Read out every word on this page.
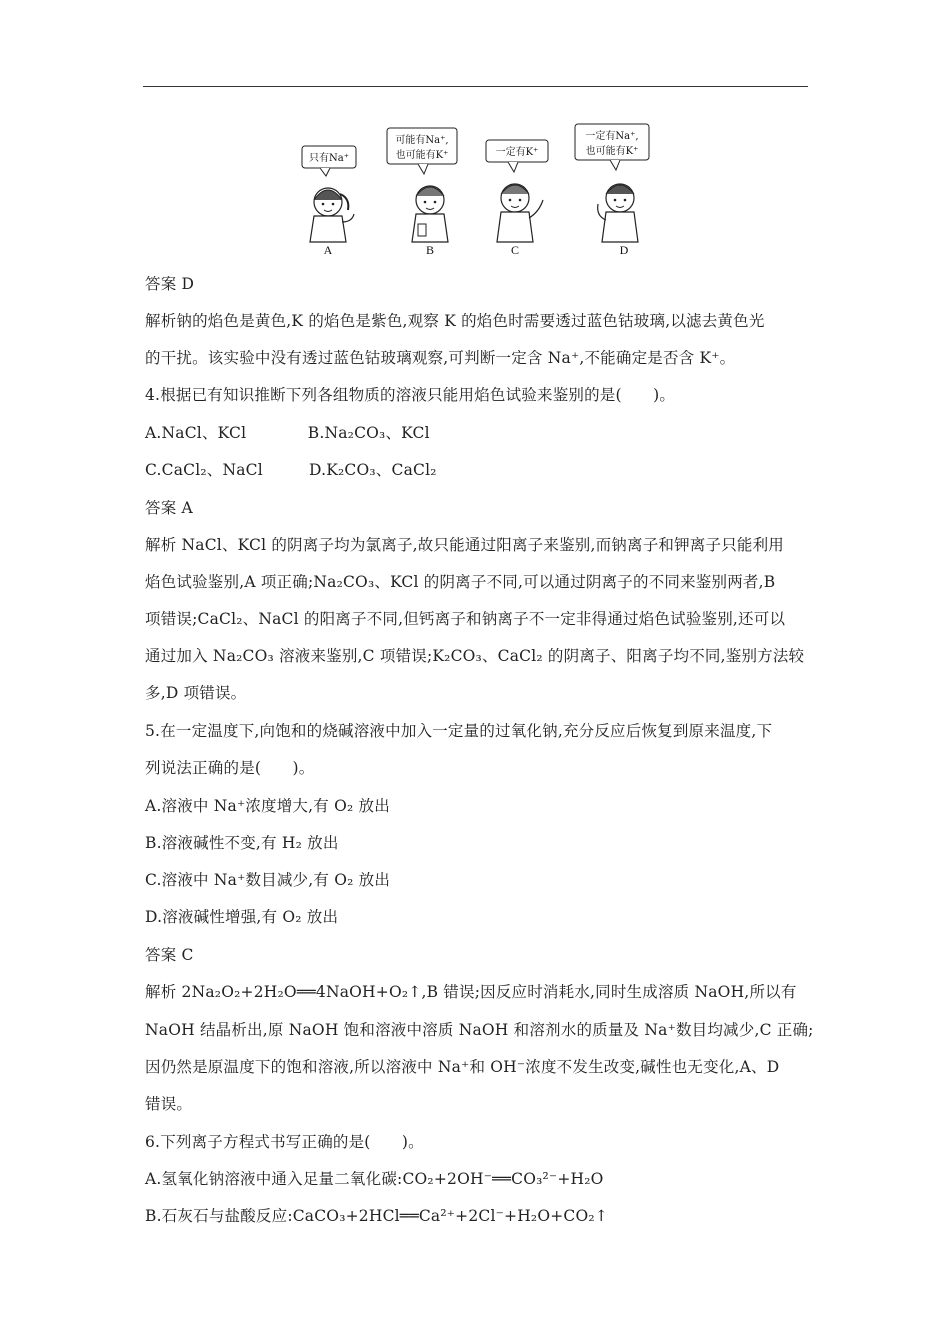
只有Na⁺
A
可能有Na⁺,
也可能有K⁺
B
一定有K⁺
C
一定有Na⁺,
也可能有K⁺
D
答案 D
解析钠的焰色是黄色,K 的焰色是紫色,观察 K 的焰色时需要透过蓝色钴玻璃,以滤去黄色光
的干扰。该实验中没有透过蓝色钴玻璃观察,可判断一定含 Na⁺,不能确定是否含 K⁺。
4.根据已有知识推断下列各组物质的溶液只能用焰色试验来鉴别的是(　　)。
A.NaCl、KCl            B.Na₂CO₃、KCl
C.CaCl₂、NaCl         D.K₂CO₃、CaCl₂
答案 A
解析 NaCl、KCl 的阴离子均为氯离子,故只能通过阳离子来鉴别,而钠离子和钾离子只能利用
焰色试验鉴别,A 项正确;Na₂CO₃、KCl 的阴离子不同,可以通过阴离子的不同来鉴别两者,B
项错误;CaCl₂、NaCl 的阳离子不同,但钙离子和钠离子不一定非得通过焰色试验鉴别,还可以
通过加入 Na₂CO₃ 溶液来鉴别,C 项错误;K₂CO₃、CaCl₂ 的阴离子、阳离子均不同,鉴别方法较
多,D 项错误。
5.在一定温度下,向饱和的烧碱溶液中加入一定量的过氧化钠,充分反应后恢复到原来温度,下
列说法正确的是(　　)。
A.溶液中 Na⁺浓度增大,有 O₂ 放出
B.溶液碱性不变,有 H₂ 放出
C.溶液中 Na⁺数目减少,有 O₂ 放出
D.溶液碱性增强,有 O₂ 放出
答案 C
解析 2Na₂O₂+2H₂O══4NaOH+O₂↑,B 错误;因反应时消耗水,同时生成溶质 NaOH,所以有
NaOH 结晶析出,原 NaOH 饱和溶液中溶质 NaOH 和溶剂水的质量及 Na⁺数目均减少,C 正确;
因仍然是原温度下的饱和溶液,所以溶液中 Na⁺和 OH⁻浓度不发生改变,碱性也无变化,A、D
错误。
6.下列离子方程式书写正确的是(　　)。
A.氢氧化钠溶液中通入足量二氧化碳:CO₂+2OH⁻══CO₃²⁻+H₂O
B.石灰石与盐酸反应:CaCO₃+2HCl══Ca²⁺+2Cl⁻+H₂O+CO₂↑
